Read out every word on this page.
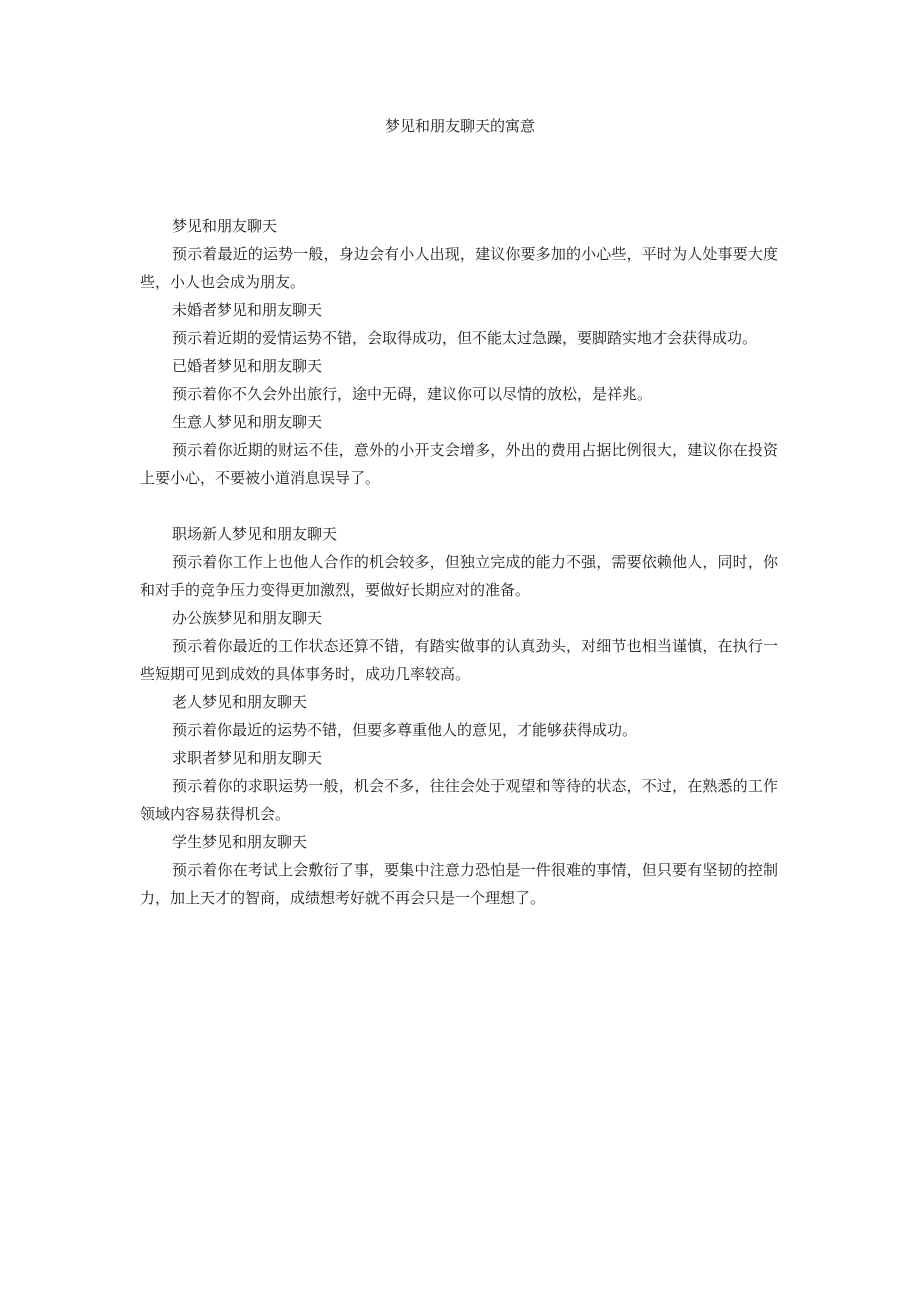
梦见和朋友聊天的寓意

梦见和朋友聊天

预示着最近的运势一般，身边会有小人出现，建议你要多加的小心些，平时为人处事要大度些，小人也会成为朋友。

未婚者梦见和朋友聊天

预示着近期的爱情运势不错，会取得成功，但不能太过急躁，要脚踏实地才会获得成功。

已婚者梦见和朋友聊天

预示着你不久会外出旅行，途中无碍，建议你可以尽情的放松，是祥兆。

生意人梦见和朋友聊天

预示着你近期的财运不佳，意外的小开支会增多，外出的费用占据比例很大，建议你在投资上要小心，不要被小道消息误导了。

职场新人梦见和朋友聊天

预示着你工作上也他人合作的机会较多，但独立完成的能力不强，需要依赖他人，同时，你和对手的竞争压力变得更加激烈，要做好长期应对的准备。

办公族梦见和朋友聊天

预示着你最近的工作状态还算不错，有踏实做事的认真劲头，对细节也相当谨慎，在执行一些短期可见到成效的具体事务时，成功几率较高。

老人梦见和朋友聊天

预示着你最近的运势不错，但要多尊重他人的意见，才能够获得成功。

求职者梦见和朋友聊天

预示着你的求职运势一般，机会不多，往往会处于观望和等待的状态，不过，在熟悉的工作领域内容易获得机会。

学生梦见和朋友聊天

预示着你在考试上会敷衍了事，要集中注意力恐怕是一件很难的事情，但只要有坚韧的控制力，加上天才的智商，成绩想考好就不再会只是一个理想了。
